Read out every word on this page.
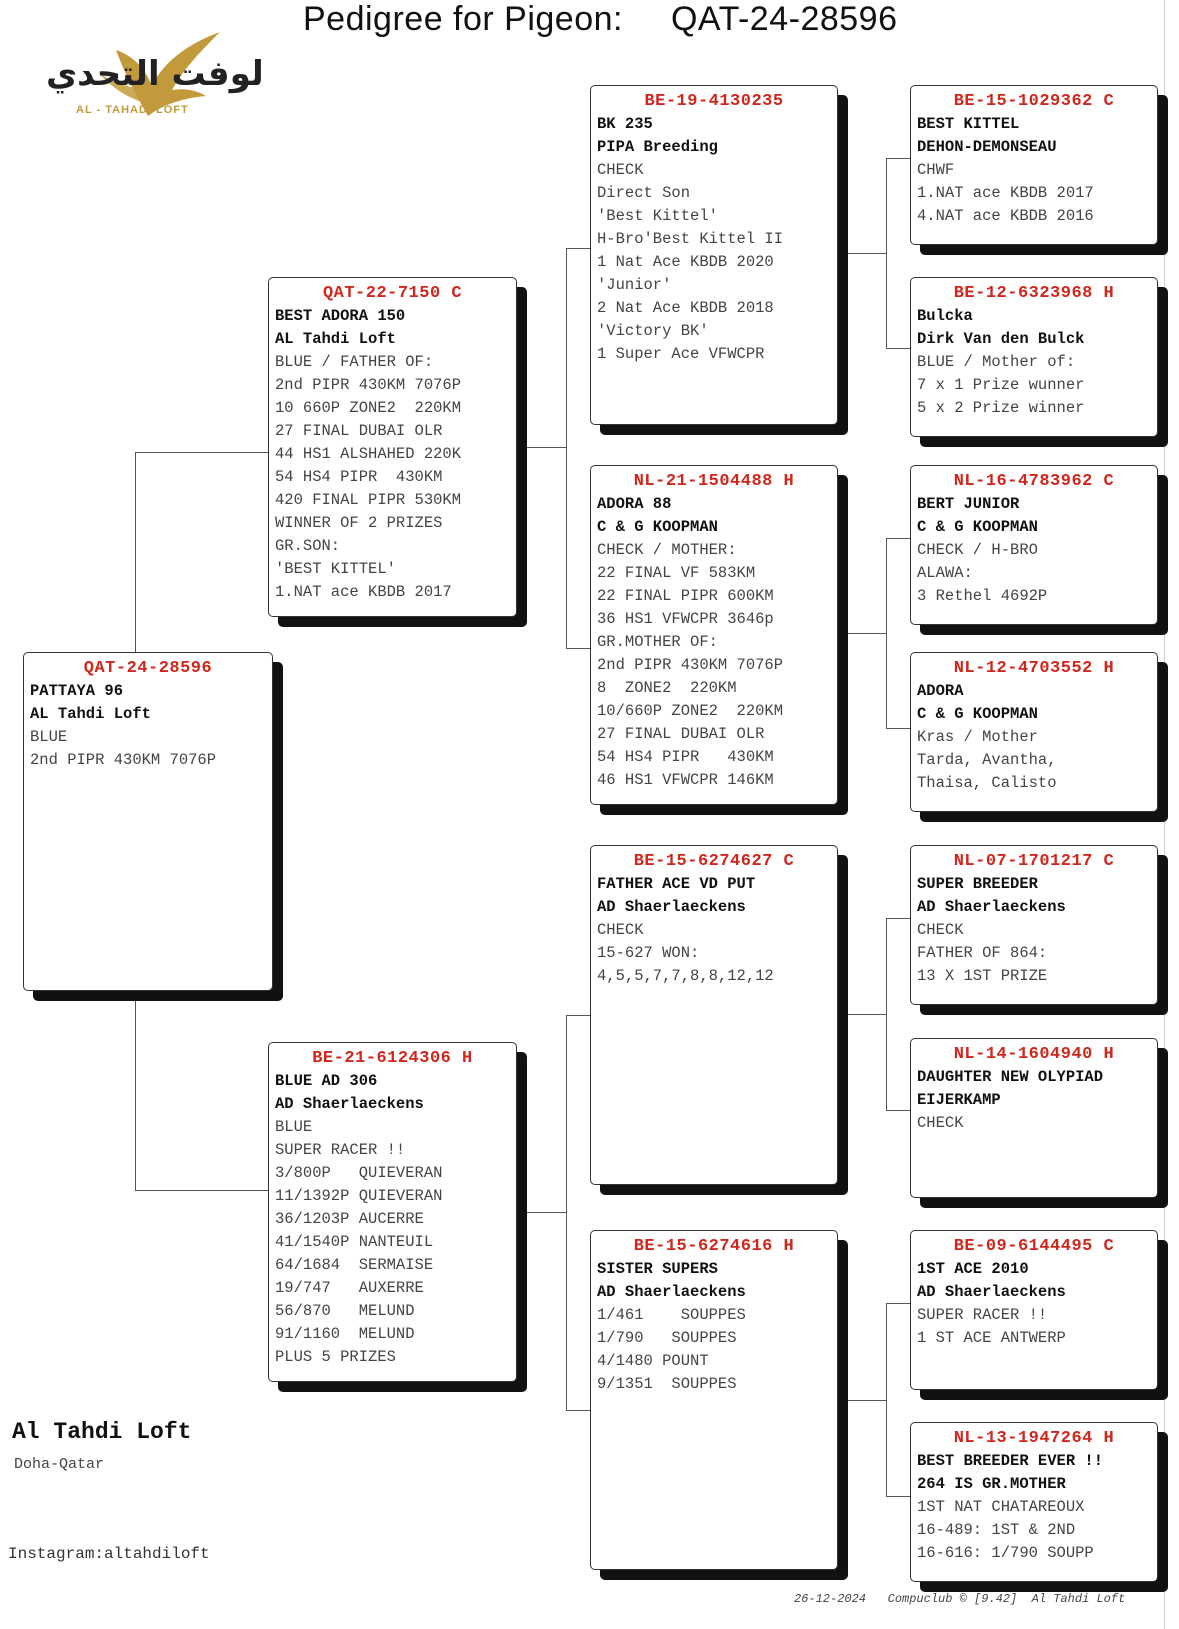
Pedigree for Pigeon: QAT-24-28596
لوفت التحدي
AL - TAHADI LOFT
QAT-24-28596
PATTAYA 96
AL Tahdi Loft
BLUE
2nd PIPR 430KM 7076P
QAT-22-7150 C
BEST ADORA 150
AL Tahdi Loft
BLUE / FATHER OF:
2nd PIPR 430KM 7076P
10 660P ZONE2  220KM
27 FINAL DUBAI OLR
44 HS1 ALSHAHED 220K
54 HS4 PIPR  430KM
420 FINAL PIPR 530KM
WINNER OF 2 PRIZES
GR.SON:
'BEST KITTEL'
1.NAT ace KBDB 2017
BE-21-6124306 H
BLUE AD 306
AD Shaerlaeckens
BLUE
SUPER RACER !!
3/800P   QUIEVERAN
11/1392P QUIEVERAN
36/1203P AUCERRE
41/1540P NANTEUIL
64/1684  SERMAISE
19/747   AUXERRE
56/870   MELUND
91/1160  MELUND
PLUS 5 PRIZES
BE-19-4130235
BK 235
PIPA Breeding
CHECK
Direct Son
'Best Kittel'
H-Bro'Best Kittel II
1 Nat Ace KBDB 2020
'Junior'
2 Nat Ace KBDB 2018
'Victory BK'
1 Super Ace VFWCPR
NL-21-1504488 H
ADORA 88
C & G KOOPMAN
CHECK / MOTHER:
22 FINAL VF 583KM
22 FINAL PIPR 600KM
36 HS1 VFWCPR 3646p
GR.MOTHER OF:
2nd PIPR 430KM 7076P
8  ZONE2  220KM
10/660P ZONE2  220KM
27 FINAL DUBAI OLR
54 HS4 PIPR   430KM
46 HS1 VFWCPR 146KM
BE-15-6274627 C
FATHER ACE VD PUT
AD Shaerlaeckens
CHECK
15-627 WON:
4,5,5,7,7,8,8,12,12
BE-15-6274616 H
SISTER SUPERS
AD Shaerlaeckens
1/461    SOUPPES
1/790   SOUPPES
4/1480 POUNT
9/1351  SOUPPES
BE-15-1029362 C
BEST KITTEL
DEHON-DEMONSEAU
CHWF
1.NAT ace KBDB 2017
4.NAT ace KBDB 2016
BE-12-6323968 H
Bulcka
Dirk Van den Bulck
BLUE / Mother of:
7 x 1 Prize wunner
5 x 2 Prize winner
NL-16-4783962 C
BERT JUNIOR
C & G KOOPMAN
CHECK / H-BRO
ALAWA:
3 Rethel 4692P
NL-12-4703552 H
ADORA
C & G KOOPMAN
Kras / Mother
Tarda, Avantha,
Thaisa, Calisto
NL-07-1701217 C
SUPER BREEDER
AD Shaerlaeckens
CHECK
FATHER OF 864:
13 X 1ST PRIZE
NL-14-1604940 H
DAUGHTER NEW OLYPIAD
EIJERKAMP
CHECK
BE-09-6144495 C
1ST ACE 2010
AD Shaerlaeckens
SUPER RACER !!
1 ST ACE ANTWERP
NL-13-1947264 H
BEST BREEDER EVER !!
264 IS GR.MOTHER
1ST NAT CHATAREOUX
16-489: 1ST & 2ND
16-616: 1/790 SOUPP
Al Tahdi Loft
Doha-Qatar
Instagram:altahdiloft
26-12-2024 Compuclub © [9.42] Al Tahdi Loft
